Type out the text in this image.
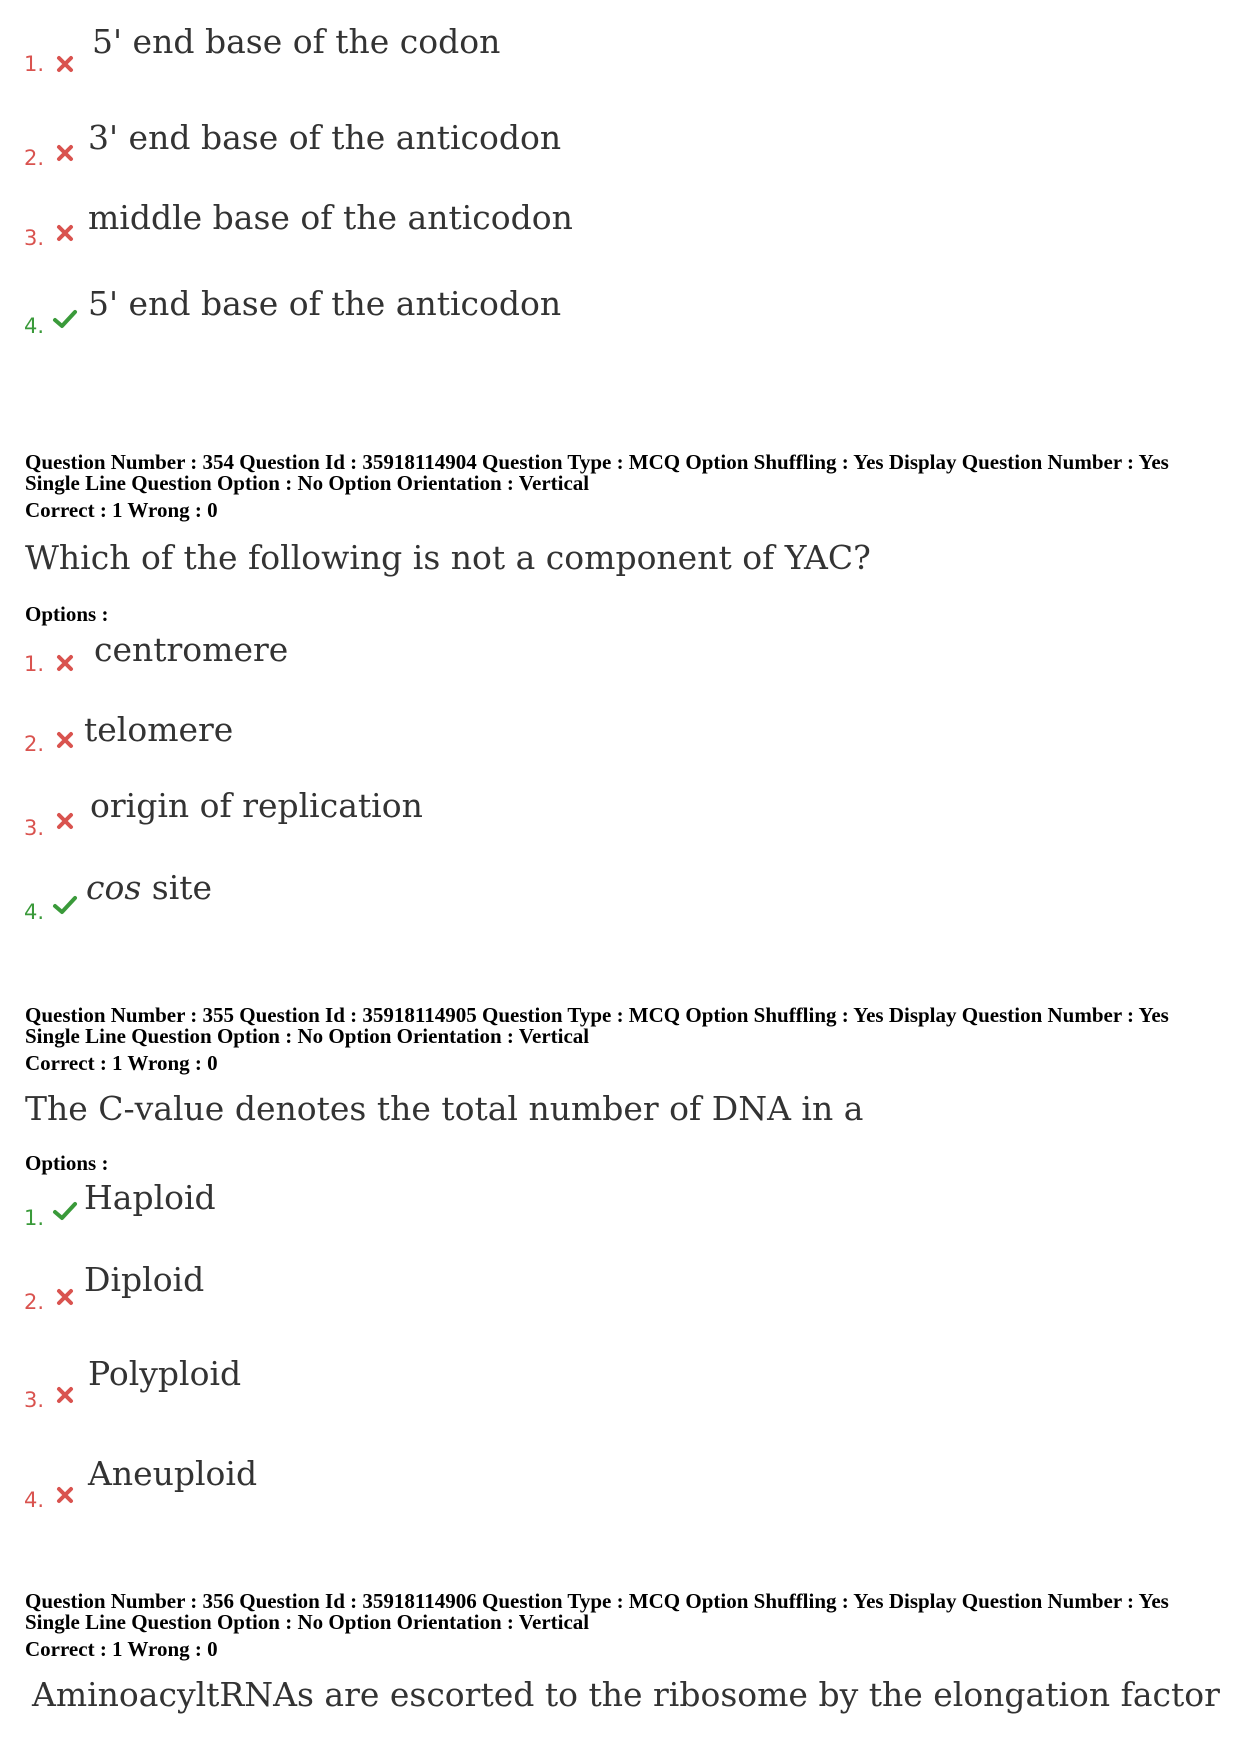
1.
5' end base of the codon
2.
3' end base of the anticodon
3.
middle base of the anticodon
4.
5' end base of the anticodon
Question Number : 354 Question Id : 35918114904 Question Type : MCQ Option Shuffling : Yes Display Question Number : Yes
Single Line Question Option : No Option Orientation : Vertical
Correct : 1 Wrong : 0
Which of the following is not a component of YAC?
Options :
1. centromere
2. telomere
3.
origin of replication
4.
cos site
Question Number : 355 Question Id : 35918114905 Question Type : MCQ Option Shuffling : Yes Display Question Number : Yes
Single Line Question Option : No Option Orientation : Vertical
Correct : 1 Wrong : 0
The C-value denotes the total number of DNA in a
Options :
1.
Haploid
2.
Diploid
3.
Polyploid
4.
Aneuploid
Question Number : 356 Question Id : 35918114906 Question Type : MCQ Option Shuffling : Yes Display Question Number : Yes
Single Line Question Option : No Option Orientation : Vertical
Correct : 1 Wrong : 0
AminoacyltRNAs are escorted to the ribosome by the elongation factor
